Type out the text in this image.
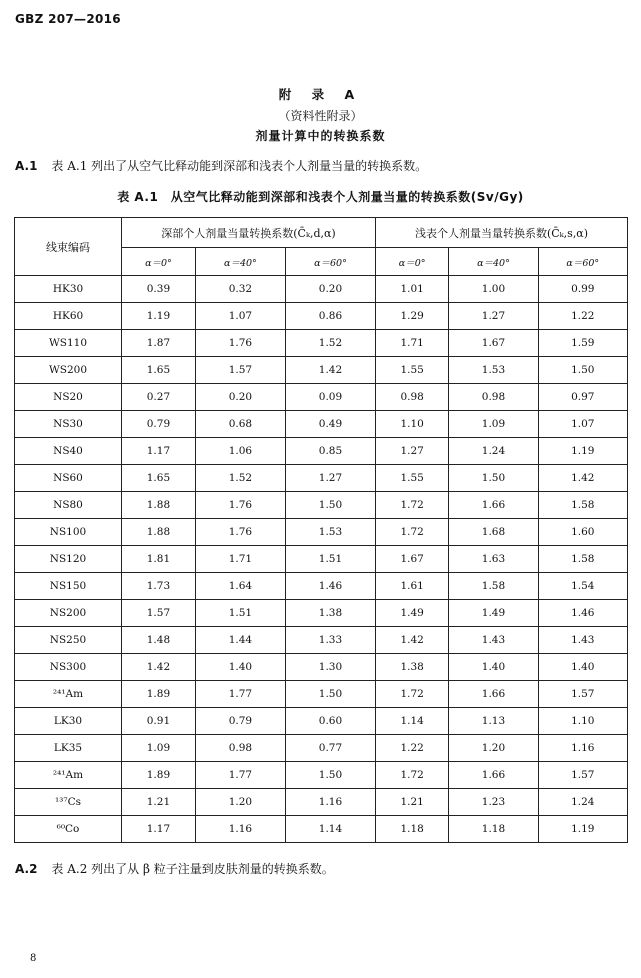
GBZ 207—2016
附 录 A
（资料性附录）
剂量计算中的转换系数
A.1 表 A.1 列出了从空气比释动能到深部和浅表个人剂量当量的转换系数。
表 A.1　从空气比释动能到深部和浅表个人剂量当量的转换系数(Sv/Gy)
线束编码	深部个人剂量当量转换系数(C̄ₖ,d,α)			浅表个人剂量当量转换系数(C̄ₖ,s,α)		
	α＝0°	α＝40°	α＝60°	α＝0°	α＝40°	α＝60°
HK30	0.39	0.32	0.20	1.01	1.00	0.99
HK60	1.19	1.07	0.86	1.29	1.27	1.22
WS110	1.87	1.76	1.52	1.71	1.67	1.59
WS200	1.65	1.57	1.42	1.55	1.53	1.50
NS20	0.27	0.20	0.09	0.98	0.98	0.97
NS30	0.79	0.68	0.49	1.10	1.09	1.07
NS40	1.17	1.06	0.85	1.27	1.24	1.19
NS60	1.65	1.52	1.27	1.55	1.50	1.42
NS80	1.88	1.76	1.50	1.72	1.66	1.58
NS100	1.88	1.76	1.53	1.72	1.68	1.60
NS120	1.81	1.71	1.51	1.67	1.63	1.58
NS150	1.73	1.64	1.46	1.61	1.58	1.54
NS200	1.57	1.51	1.38	1.49	1.49	1.46
NS250	1.48	1.44	1.33	1.42	1.43	1.43
NS300	1.42	1.40	1.30	1.38	1.40	1.40
²⁴¹Am	1.89	1.77	1.50	1.72	1.66	1.57
LK30	0.91	0.79	0.60	1.14	1.13	1.10
LK35	1.09	0.98	0.77	1.22	1.20	1.16
²⁴¹Am	1.89	1.77	1.50	1.72	1.66	1.57
¹³⁷Cs	1.21	1.20	1.16	1.21	1.23	1.24
⁶⁰Co	1.17	1.16	1.14	1.18	1.18	1.19
A.2 表 A.2 列出了从 β 粒子注量到皮肤剂量的转换系数。
8
